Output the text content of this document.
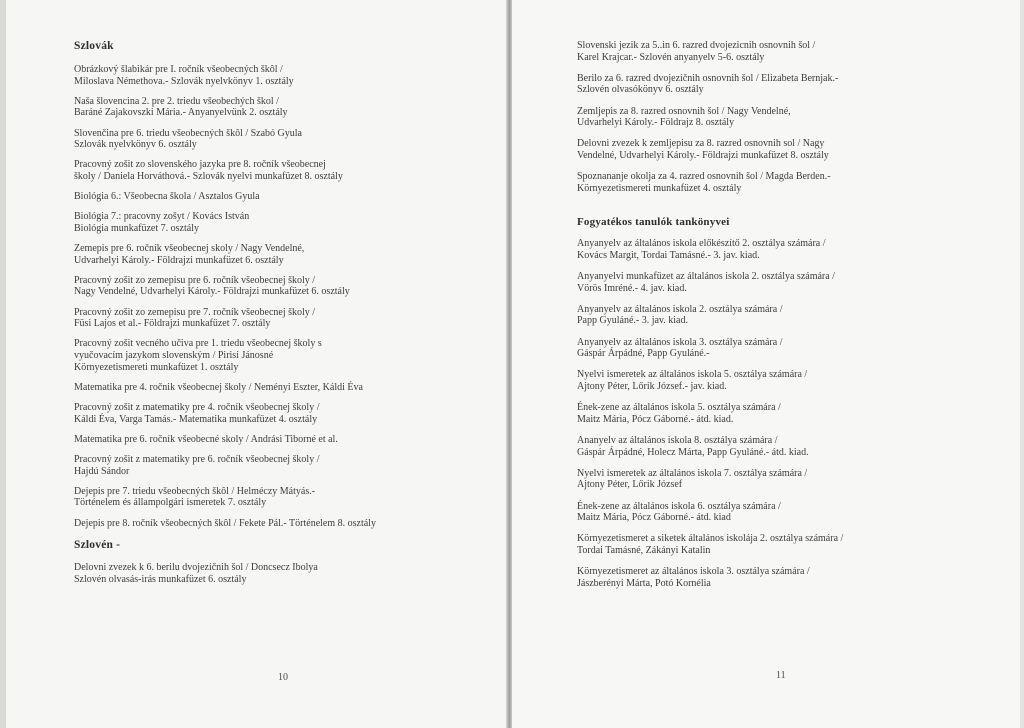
Szlovák
Obrázkový šlabikár pre I. ročník všeobecných škôl /
Miloslava Némethova.- Szlovák nyelvkönyv 1. osztály
Naša šlovencina 2. pre 2. triedu všeobechých škol /
Baráné Zajakovszki Mária.- Anyanyelvünk 2. osztály
Slovenčina pre 6. triedu všeobecných škôl / Szabó Gyula
Szlovák nyelvkönyv 6. osztály
Pracovný zošit zo slovenského jazyka pre 8. ročník všeobecnej
školy / Daniela Horváthová.- Szlovák nyelvi munkafüzet 8. osztály
Biológia 6.: Všeobecna škola / Asztalos Gyula
Biológia 7.: pracovny zošyt / Kovács István
Biológia munkafüzet 7. osztály
Zemepis pre 6. ročník všeobecnej skoly / Nagy Vendelné,
Udvarhelyi Károly.- Földrajzi munkafüzet 6. osztály
Pracovný zošit zo zemepisu pre 6. ročník všeobecnej školy /
Nagy Vendelné, Udvarhelyi Károly.- Földrajzi munkafüzet 6. osztály
Pracovný zošit zo zemepisu pre 7. ročník všeobecnej školy /
Füsi Lajos et al.- Földrajzi munkafüzet 7. osztály
Pracovný zošit vecného učiva pre 1. triedu všeobecnej školy s
vyučovacím jazykom slovenským / Pirisi Jánosné
Környezetismereti munkafüzet 1. osztály
Matematika pre 4. ročnik všeobecnej školy / Neményi Eszter, Káldi Éva
Pracovný zošit z matematiky pre 4. ročník všeobecnej školy /
Káldi Éva, Varga Tamás.- Matematika munkafüzet 4. osztály
Matematika pre 6. ročník všeobecné skoly / Andrási Tiborné et al.
Pracovný zošit z matematiky pre 6. ročník všeobecnej školy /
Hajdú Sándor
Dejepis pre 7. triedu všeobecných škôl / Helméczy Mátyás.-
Történelem és állampolgári ismeretek 7. osztály
Dejepis pre 8. ročník všeobecných škôl / Fekete Pál.- Történelem 8. osztály
Szlovén -
Delovni zvezek k 6. berilu dvojezičnih šol / Doncsecz Ibolya
Szlovén olvasás-irás munkafüzet 6. osztály
10
Slovenski jezik za 5..in 6. razred dvojezicnih osnovnih šol /
Karel Krajcar.- Szlovén anyanyelv 5-6. osztály
Berilo za 6. razred dvojezičnih osnovnih šol / Elizabeta Bernjak.-
Szlovén olvasókönyv 6. osztály
Zemljepis za 8. razred osnovnih šol / Nagy Vendelné,
Udvarhelyi Károly.- Földrajz 8. osztály
Delovni zvezek k zemljepisu za 8. razred osnovnih sol / Nagy
Vendelné, Udvarhelyi Károly.- Földrajzi munkafüzet 8. osztály
Spoznananje okolja za 4. razred osnovnih šol / Magda Berden.-
Környezetismereti munkafüzet 4. osztály
Fogyatékos tanulók tankönyvei
Anyanyelv az általános iskola előkészítő 2. osztálya számára /
Kovács Margit, Tordai Tamásné.- 3. jav. kiad.
Anyanyelvi munkafüzet az általános iskola 2. osztálya számára /
Vörös Imréné.- 4. jav. kiad.
Anyanyelv az általános iskola 2. osztálya számára /
Papp Gyuláné.- 3. jav. kiad.
Anyanyelv az általános iskola 3. osztálya számára /
Gáspár Árpádné, Papp Gyuláné.-
Nyelvi ismeretek az általános iskola 5. osztálya számára /
Ajtony Péter, Lőrik József.- jav. kiad.
Ének-zene az általános iskola 5. osztálya számára /
Maitz Mária, Pócz Gáborné.- átd. kiad.
Ananyelv az általános iskola 8. osztálya számára /
Gáspár Árpádné, Holecz Márta, Papp Gyuláné.- átd. kiad.
Nyelvi ismeretek az általános iskola 7. osztálya számára /
Ajtony Péter, Lőrik József
Ének-zene az általános iskola 6. osztálya számára /
Maitz Mária, Pócz Gáborné.- átd. kiad
Környezetismeret a siketek általános iskolája 2. osztálya számára /
Tordai Tamásné, Zákányi Katalin
Környezetismeret az általános iskola 3. osztálya számára /
Jászberényi Márta, Potó Kornélia
11
